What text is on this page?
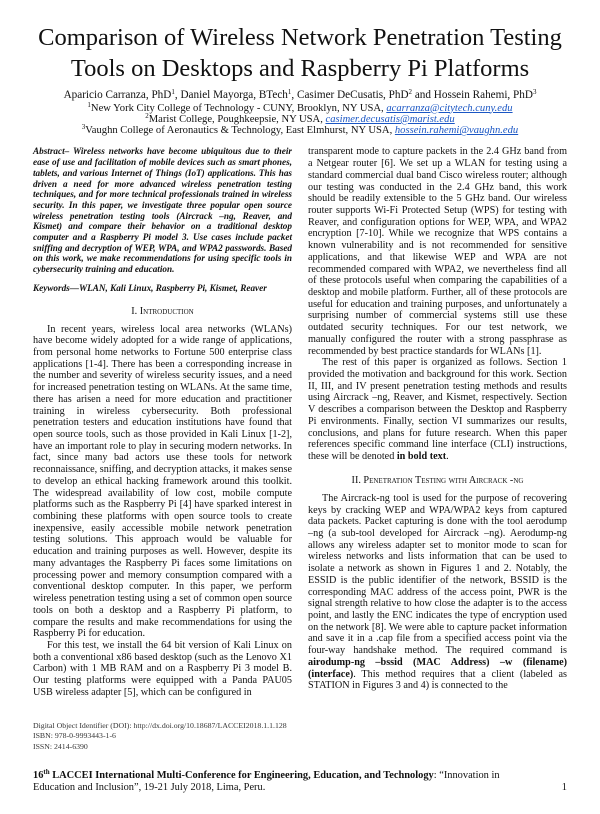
Comparison of Wireless Network Penetration Testing
Tools on Desktops and Raspberry Pi Platforms
Aparicio Carranza, PhD$^1$, Daniel Mayorga, BTech$^1$, Casimer DeCusatis, PhD$^2$ and Hossein Rahemi, PhD$^3$
$^1$New York City College of Technology - CUNY, Brooklyn, NY USA, acarranza@citytech.cuny.edu
$^2$Marist College, Poughkeepsie, NY USA, casimer.decusatis@marist.edu
$^3$Vaughn College of Aeronautics & Technology, East Elmhurst, NY USA, hossein.rahemi@vaughn.edu

Abstract– Wireless networks have become ubiquitous due to their ease of use and facilitation of mobile devices such as smart phones, tablets, and various Internet of Things (IoT) applications. This has driven a need for more advanced wireless penetration testing techniques, and for more technical professionals trained in wireless security. In this paper, we investigate three popular open source wireless penetration testing tools (Aircrack –ng, Reaver, and Kismet) and compare their behavior on a traditional desktop computer and a Raspberry Pi model 3. Use cases include packet sniffing and decryption of WEP, WPA, and WPA2 passwords. Based on this work, we make recommendations for using specific tools in cybersecurity training and education.

Keywords—WLAN, Kali Linux, Raspberry Pi, Kismet, Reaver

I. Introduction

In recent years, wireless local area networks (WLANs) have become widely adopted for a wide range of applications, from personal home networks to Fortune 500 enterprise class applications [1-4]. There has been a corresponding increase in the number and severity of wireless security issues, and a need for increased penetration testing on WLANs. At the same time, there has arisen a need for more education and practitioner training in wireless cybersecurity. Both professional penetration testers and education institutions have found that open source tools, such as those provided in Kali Linux [1-2], have an important role to play in securing modern networks. In fact, since many bad actors use these tools for network reconnaissance, sniffing, and decryption attacks, it makes sense to develop an ethical hacking framework around this toolkit. The widespread availability of low cost, mobile compute platforms such as the Raspberry Pi [4] have sparked interest in combining these platforms with open source tools to create inexpensive, easily accessible mobile network penetration testing solutions. This approach would be valuable for education and training purposes as well. However, despite its many advantages the Raspberry Pi faces some limitations on processing power and memory consumption compared with a conventional desktop computer. In this paper, we perform wireless penetration testing using a set of common open source tools on both a desktop and a Raspberry Pi platform, to compare the results and make recommendations for using the Raspberry Pi for education.

For this test, we install the 64 bit version of Kali Linux on both a conventional x86 based desktop (such as the Lenovo X1 Carbon) with 1 MB RAM and on a Raspberry Pi 3 model B. Our testing platforms were equipped with a Panda PAU05 USB wireless adapter [5], which can be configured in

Digital Object Identifier (DOI): http://dx.doi.org/10.18687/LACCEI2018.1.1.128
ISBN: 978-0-9993443-1-6
ISSN: 2414-6390

transparent mode to capture packets in the 2.4 GHz band from a Netgear router [6]. We set up a WLAN for testing using a standard commercial dual band Cisco wireless router; although our testing was conducted in the 2.4 GHz band, this work should be readily extensible to the 5 GHz band. Our wireless router supports Wi-Fi Protected Setup (WPS) for testing with Reaver, and configuration options for WEP, WPA, and WPA2 encryption [7-10]. While we recognize that WPS contains a known vulnerability and is not recommended for sensitive applications, and that likewise WEP and WPA are not recommended compared with WPA2, we nevertheless find all of these protocols useful when comparing the capabilities of a desktop and mobile platform. Further, all of these protocols are useful for education and training purposes, and unfortunately a surprising number of commercial systems still use these outdated security techniques. For our test network, we manually configured the router with a strong passphrase as recommended by best practice standards for WLANs [1].

The rest of this paper is organized as follows. Section 1 provided the motivation and background for this work. Section II, III, and IV present penetration testing methods and results using Aircrack –ng, Reaver, and Kismet, respectively. Section V describes a comparison between the Desktop and Raspberry Pi environments. Finally, section VI summarizes our results, conclusions, and plans for future research. When this paper references specific command line interface (CLI) instructions, these will be denoted in bold text.

II. Penetration Testing with Aircrack -ng

The Aircrack-ng tool is used for the purpose of recovering keys by cracking WEP and WPA/WPA2 keys from captured data packets. Packet capturing is done with the tool aerodump –ng (a sub-tool developed for Aircrack –ng). Aerodump-ng allows any wireless adapter set to monitor mode to scan for wireless networks and lists information that can be used to isolate a network as shown in Figures 1 and 2. Notably, the ESSID is the public identifier of the network, BSSID is the corresponding MAC address of the access point, PWR is the signal strength relative to how close the adapter is to the access point, and lastly the ENC indicates the type of encryption used on the network [8]. We were able to capture packet information and save it in a .cap file from a specified access point via the four-way handshake method. The required command is airodump-ng –bssid (MAC Address) –w (filename) (interface). This method requires that a client (labeled as STATION in Figures 3 and 4) is connected to the

16th LACCEI International Multi-Conference for Engineering, Education, and Technology: “Innovation in Education and Inclusion”, 19-21 July 2018, Lima, Peru.	1
